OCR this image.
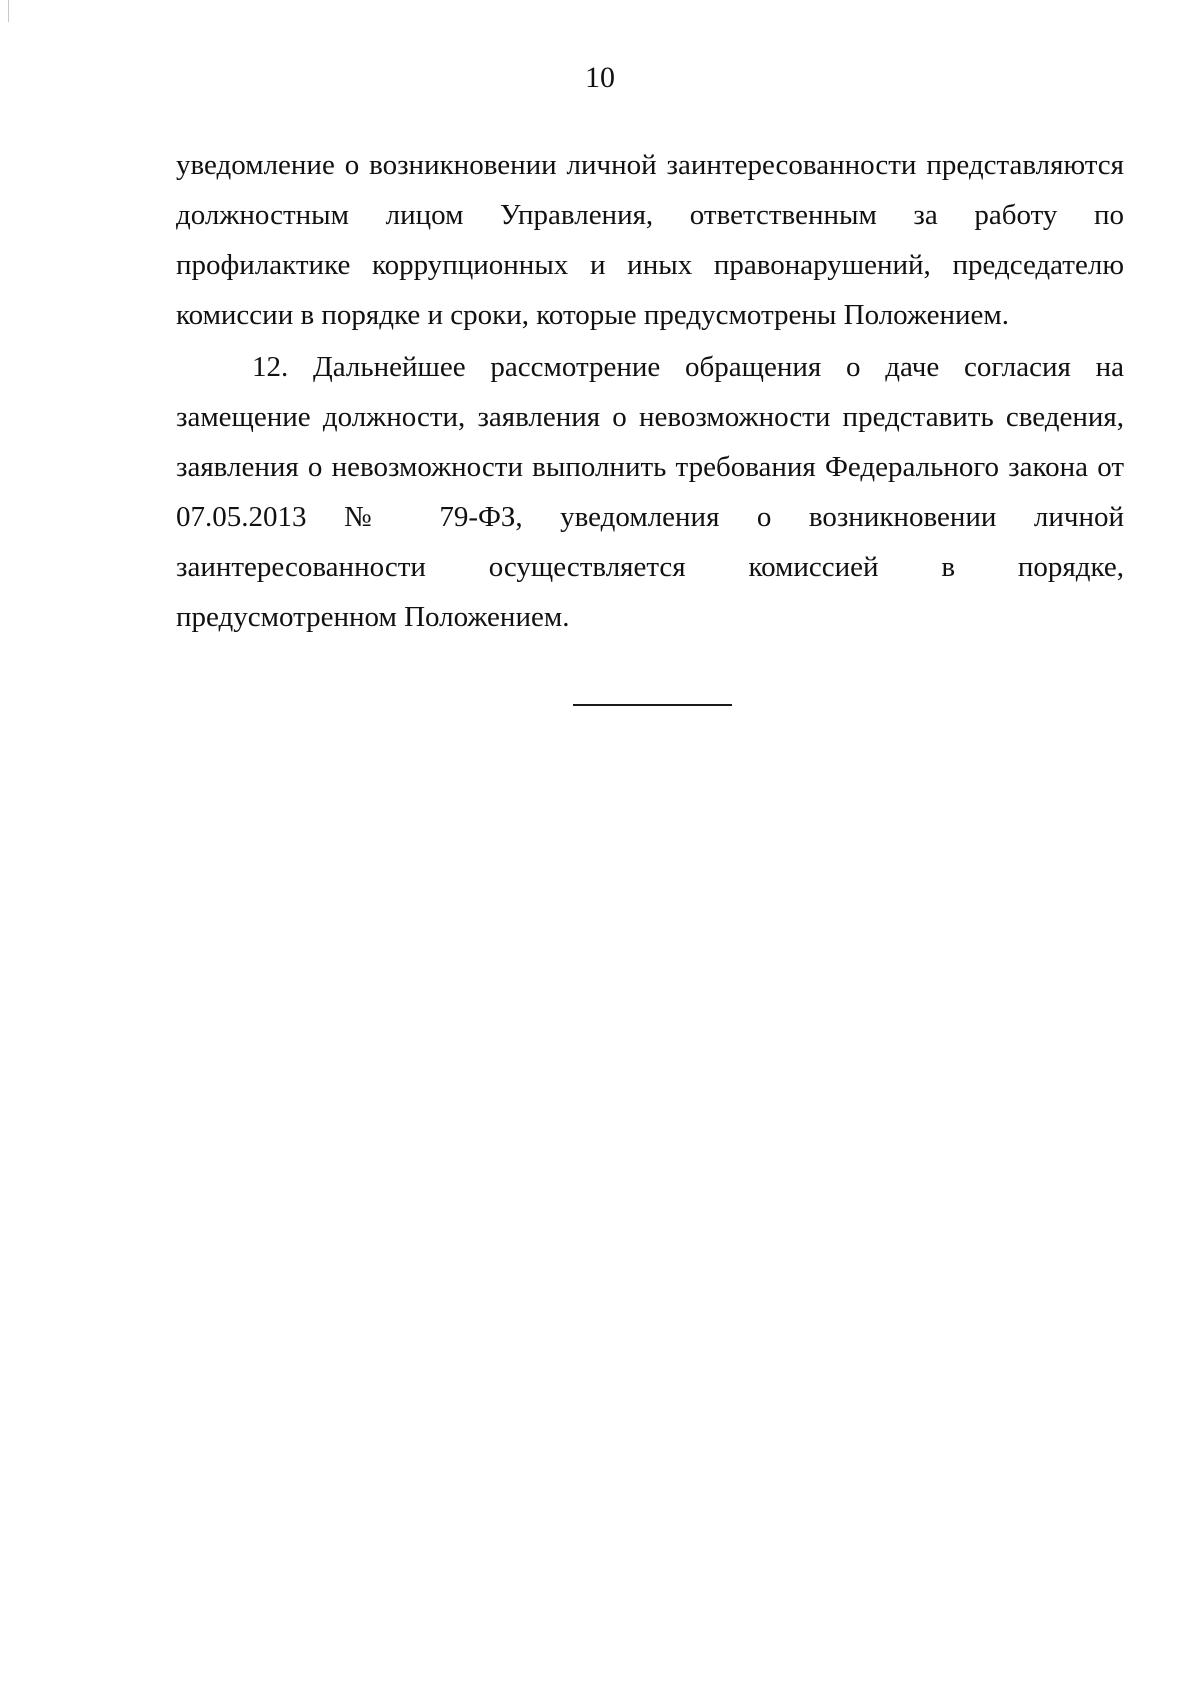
10

уведомление о возникновении личной заинтересованности представляются должностным лицом Управления, ответственным за работу по профилактике коррупционных и иных правонарушений, председателю комиссии в порядке и сроки, которые предусмотрены Положением.

12. Дальнейшее рассмотрение обращения о даче согласия на замещение должности, заявления о невозможности представить сведения, заявления о невозможности выполнить требования Федерального закона от 07.05.2013 № 79-ФЗ, уведомления о возникновении личной заинтересованности осуществляется комиссией в порядке, предусмотренном Положением.
